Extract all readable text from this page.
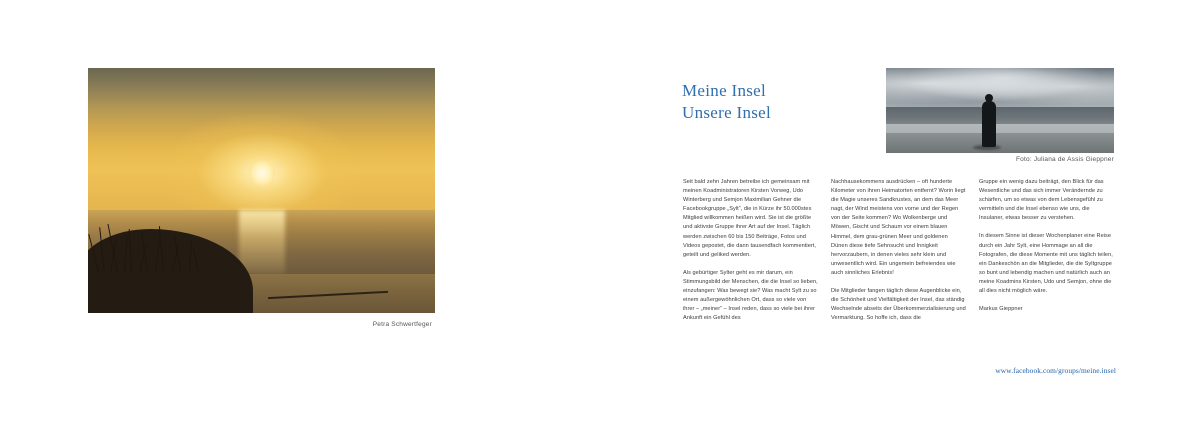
Petra Schwertfeger
Meine Insel
Unsere Insel
Foto: Juliana de Assis Gieppner

Seit bald zehn Jahren betreibe ich gemeinsam mit meinen Koadministratoren Kirsten Vorweg, Udo Winterberg und Semjon Maximilian Gehner die Facebookgruppe „Sylt“, die in Kürze ihr 50.000stes Mitglied willkommen heißen wird. Sie ist die größte und aktivste Gruppe ihrer Art auf der Insel. Täglich werden zwischen 60 bis 150 Beiträge, Fotos und Videos gepostet, die dann tausendfach kommentiert, geteilt und geliked werden.

Als gebürtiger Sylter geht es mir darum, ein Stimmungsbild der Menschen, die die Insel so lieben, einzufangen: Was bewegt sie? Was macht Sylt zu so einem außergewöhnlichen Ort, dass so viele von ihrer – „meiner“ – Insel reden, dass so viele bei ihrer Ankunft ein Gefühl des

Nachhausekommens ausdrücken – oft hunderte Kilometer von ihren Heimatorten entfernt? Worin liegt die Magie unseres Sandkrustes, an dem das Meer nagt, der Wind meistens von vorne und der Regen von der Seite kommen? Wo Wolkenberge und Möwen, Gischt und Schaum vor einem blauen Himmel, dem grau-grünen Meer und goldenen Dünen diese tiefe Sehnsucht und Innigkeit hervorzaubern, in denen vieles sehr klein und unwesentlich wird. Ein ungemein befreiendes wie auch sinnliches Erlebnis!

Die Mitglieder fangen täglich diese Augenblicke ein, die Schönheit und Vielfältigkeit der Insel, das ständig Wechselnde abseits der Überkommerzialisierung und Vermarktung. So hoffe ich, dass die

Gruppe ein wenig dazu beiträgt, den Blick für das Wesentliche und das sich immer Verändernde zu schärfen, um so etwas von dem Lebensgefühl zu vermitteln und die Insel ebenso wie uns, die Insulaner, etwas besser zu verstehen.

In diesem Sinne ist dieser Wochenplaner eine Reise durch ein Jahr Sylt, eine Hommage an all die Fotografen, die diese Momente mit uns täglich teilen, ein Dankeschön an die Mitglieder, die die Syltgruppe so bunt und lebendig machen und natürlich auch an meine Koadmins Kirsten, Udo und Semjon, ohne die all dies nicht möglich wäre.

Markus Gieppner

www.facebook.com/groups/meine.insel
